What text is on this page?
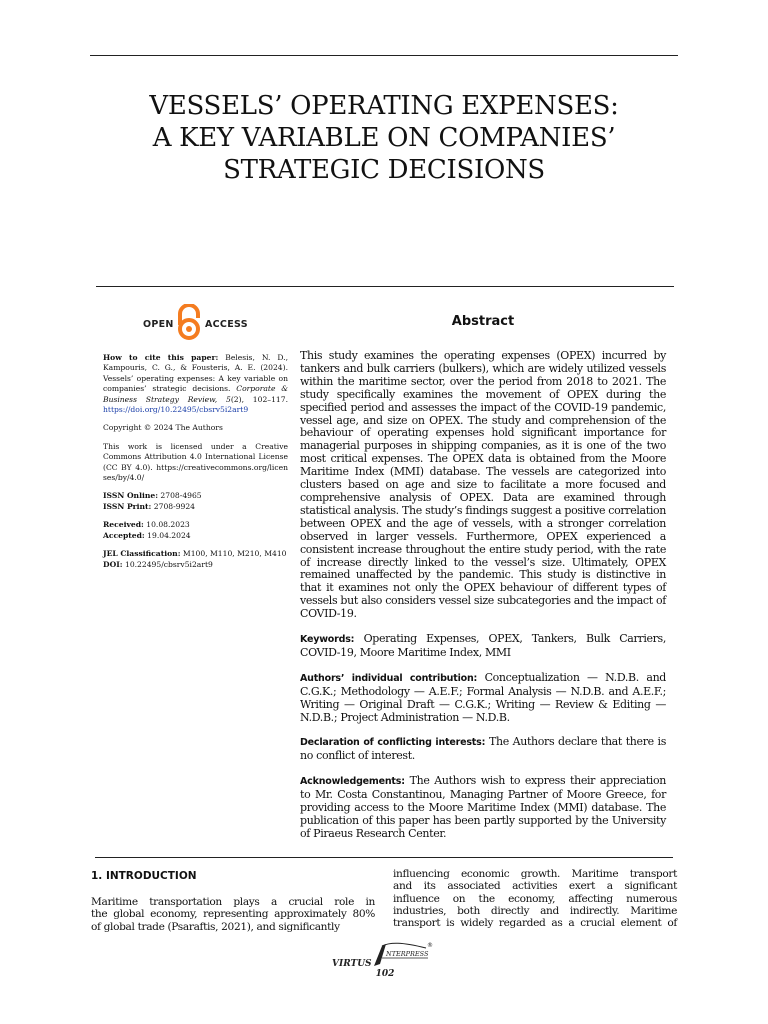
VESSELS’ OPERATING EXPENSES:
A KEY VARIABLE ON COMPANIES’
STRATEGIC DECISIONS
OPEN	ACCESS	Abstract

How to cite this paper: Belesis, N. D., Kampouris, C. G., & Fousteris, A. E. (2024). Vessels’ operating expenses: A key variable on companies’ strategic decisions. Corporate & Business Strategy Review, 5(2), 102–117. https://doi.org/10.22495/cbsrv5i2art9

Copyright © 2024 The Authors

This work is licensed under a Creative Commons Attribution 4.0 International License (CC BY 4.0). https://creativecommons.org/licenses/by/4.0/

ISSN Online: 2708-4965
ISSN Print: 2708-9924

Received: 10.08.2023
Accepted: 19.04.2024

JEL Classification: M100, M110, M210, M410
DOI: 10.22495/cbsrv5i2art9

This study examines the operating expenses (OPEX) incurred by tankers and bulk carriers (bulkers), which are widely utilized vessels within the maritime sector, over the period from 2018 to 2021. The study specifically examines the movement of OPEX during the specified period and assesses the impact of the COVID-19 pandemic, vessel age, and size on OPEX. The study and comprehension of the behaviour of operating expenses hold significant importance for managerial purposes in shipping companies, as it is one of the two most critical expenses. The OPEX data is obtained from the Moore Maritime Index (MMI) database. The vessels are categorized into clusters based on age and size to facilitate a more focused and comprehensive analysis of OPEX. Data are examined through statistical analysis. The study’s findings suggest a positive correlation between OPEX and the age of vessels, with a stronger correlation observed in larger vessels. Furthermore, OPEX experienced a consistent increase throughout the entire study period, with the rate of increase directly linked to the vessel’s size. Ultimately, OPEX remained unaffected by the pandemic. This study is distinctive in that it examines not only the OPEX behaviour of different types of vessels but also considers vessel size subcategories and the impact of COVID-19.

Keywords: Operating Expenses, OPEX, Tankers, Bulk Carriers, COVID-19, Moore Maritime Index, MMI

Authors’ individual contribution: Conceptualization — N.D.B. and C.G.K.; Methodology — A.E.F.; Formal Analysis — N.D.B. and A.E.F.; Writing — Original Draft — C.G.K.; Writing — Review & Editing — N.D.B.; Project Administration — N.D.B.

Declaration of conflicting interests: The Authors declare that there is no conflict of interest.

Acknowledgements: The Authors wish to express their appreciation to Mr. Costa Constantinou, Managing Partner of Moore Greece, for providing access to the Moore Maritime Index (MMI) database. The publication of this paper has been partly supported by the University of Piraeus Research Center.

1. INTRODUCTION
Maritime transportation plays a crucial role in
the global economy, representing approximately 80%
of global trade (Psaraftis, 2021), and significantly
influencing economic growth. Maritime transport
and its associated activities exert a significant
influence on the economy, affecting numerous
industries, both directly and indirectly. Maritime
transport is widely regarded as a crucial element of
VIRTUS
NTERPRESS
®
102
